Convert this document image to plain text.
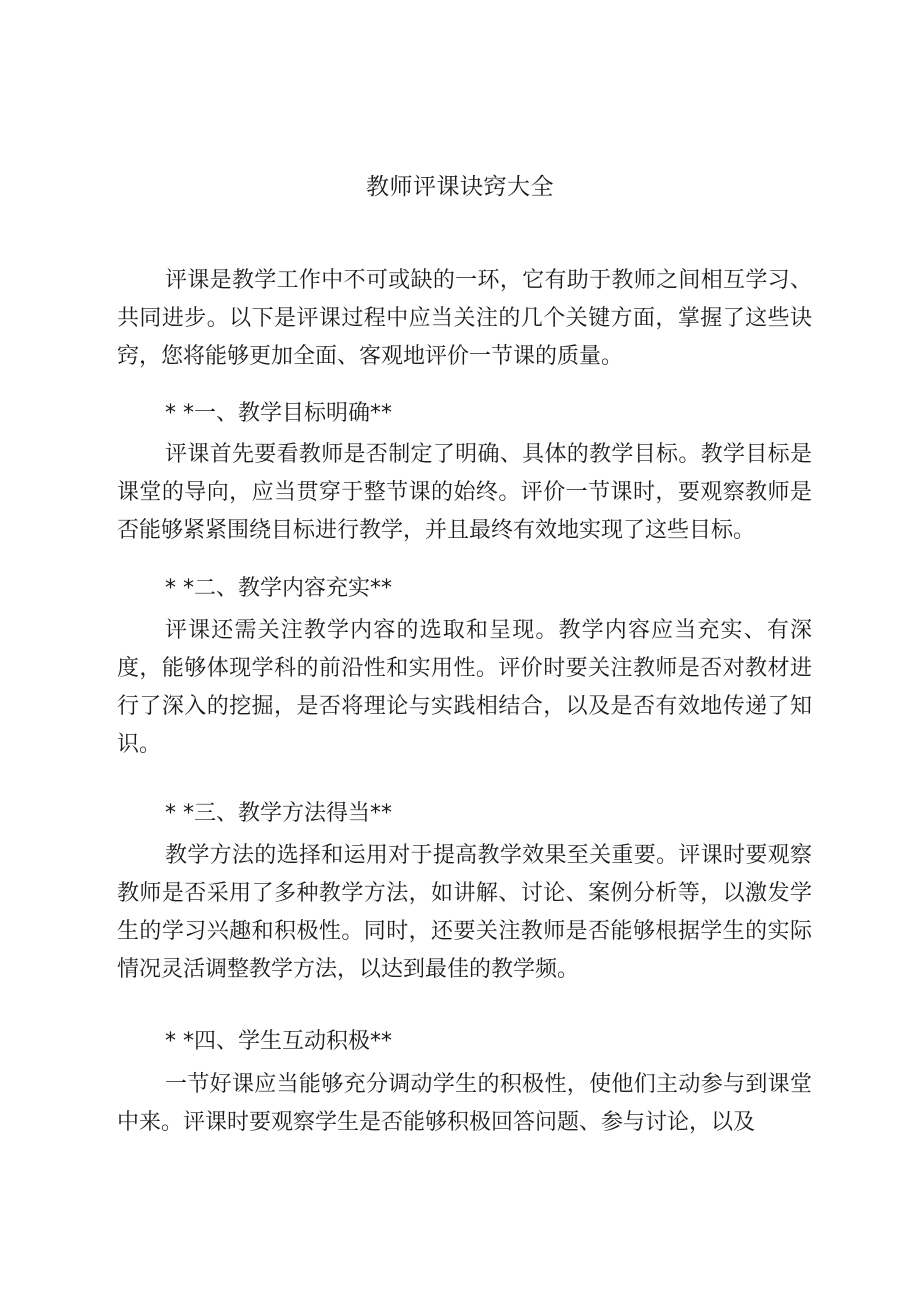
教师评课诀窍大全

评课是教学工作中不可或缺的一环，它有助于教师之间相互学习、共同进步。以下是评课过程中应当关注的几个关键方面，掌握了这些诀窍，您将能够更加全面、客观地评价一节课的质量。

* *一、教学目标明确**

评课首先要看教师是否制定了明确、具体的教学目标。教学目标是课堂的导向，应当贯穿于整节课的始终。评价一节课时，要观察教师是否能够紧紧围绕目标进行教学，并且最终有效地实现了这些目标。

* *二、教学内容充实**

评课还需关注教学内容的选取和呈现。教学内容应当充实、有深度，能够体现学科的前沿性和实用性。评价时要关注教师是否对教材进行了深入的挖掘，是否将理论与实践相结合，以及是否有效地传递了知识。

* *三、教学方法得当**

教学方法的选择和运用对于提高教学效果至关重要。评课时要观察教师是否采用了多种教学方法，如讲解、讨论、案例分析等，以激发学生的学习兴趣和积极性。同时，还要关注教师是否能够根据学生的实际情况灵活调整教学方法，以达到最佳的教学频。

* *四、学生互动积极**

一节好课应当能够充分调动学生的积极性，使他们主动参与到课堂中来。评课时要观察学生是否能够积极回答问题、参与讨论，以及
